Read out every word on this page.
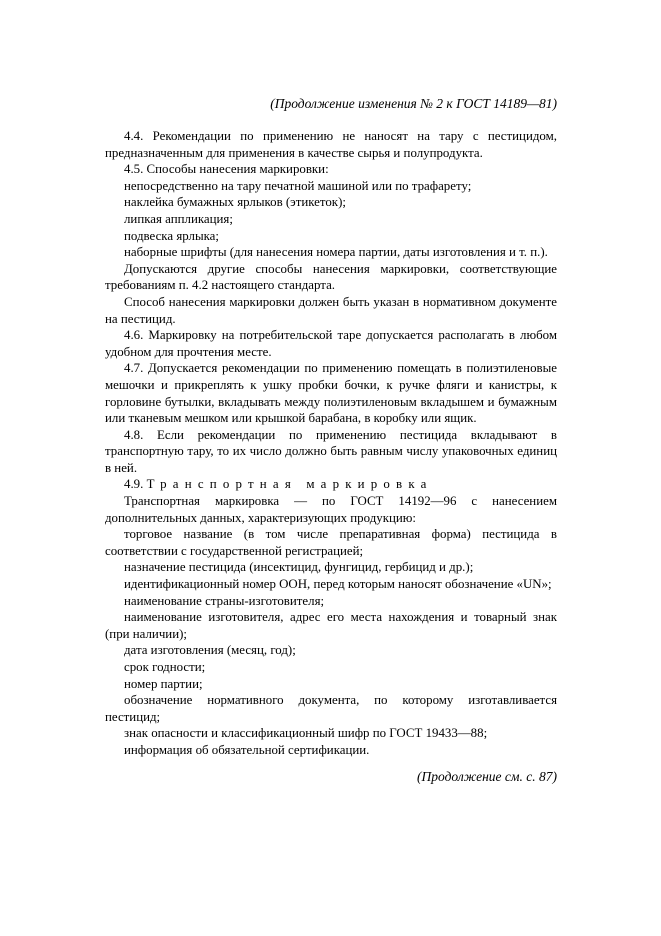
(Продолжение изменения № 2 к ГОСТ 14189—81)

4.4. Рекомендации по применению не наносят на тару с пестицидом, предназначенным для применения в качестве сырья и полупродукта.

4.5. Способы нанесения маркировки:

непосредственно на тару печатной машиной или по трафарету;

наклейка бумажных ярлыков (этикеток);

липкая аппликация;

подвеска ярлыка;

наборные шрифты (для нанесения номера партии, даты изготовления и т. п.).

Допускаются другие способы нанесения маркировки, соответствующие требованиям п. 4.2 настоящего стандарта.

Способ нанесения маркировки должен быть указан в нормативном документе на пестицид.

4.6. Маркировку на потребительской таре допускается располагать в любом удобном для прочтения месте.

4.7. Допускается рекомендации по применению помещать в полиэтиленовые мешочки и прикреплять к ушку пробки бочки, к ручке фляги и канистры, к горловине бутылки, вкладывать между полиэтиленовым вкладышем и бумажным или тканевым мешком или крышкой барабана, в коробку или ящик.

4.8. Если рекомендации по применению пестицида вкладывают в транспортную тару, то их число должно быть равным числу упаковочных единиц в ней.

4.9. Транспортная маркировка

Транспортная маркировка — по ГОСТ 14192—96 с нанесением дополнительных данных, характеризующих продукцию:

торговое название (в том числе препаративная форма) пестицида в соответствии с государственной регистрацией;

назначение пестицида (инсектицид, фунгицид, гербицид и др.);

идентификационный номер ООН, перед которым наносят обозначение «UN»;

наименование страны-изготовителя;

наименование изготовителя, адрес его места нахождения и товарный знак (при наличии);

дата изготовления (месяц, год);

срок годности;

номер партии;

обозначение нормативного документа, по которому изготавливается пестицид;

знак опасности и классификационный шифр по ГОСТ 19433—88;

информация об обязательной сертификации.

(Продолжение см. с. 87)
